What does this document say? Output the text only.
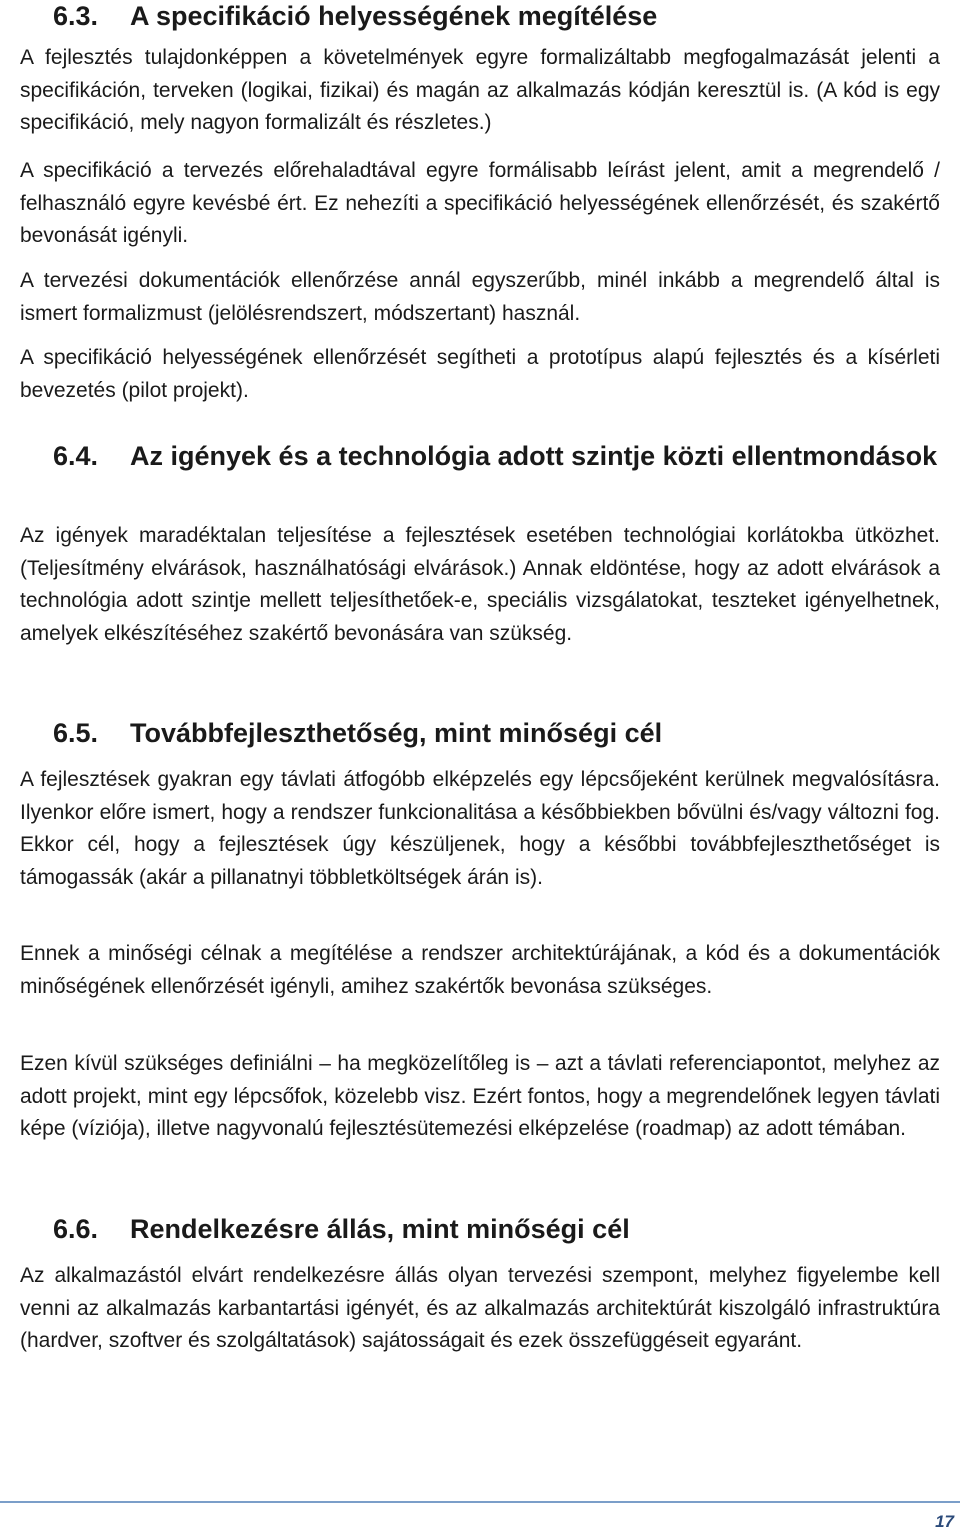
6.3.	A specifikáció helyességének megítélése

A fejlesztés tulajdonképpen a követelmények egyre formalizáltabb megfogalmazását jelenti a specifikáción, terveken (logikai, fizikai) és magán az alkalmazás kódján keresztül is. (A kód is egy specifikáció, mely nagyon formalizált és részletes.)

A specifikáció a tervezés előrehaladtával egyre formálisabb leírást jelent, amit a megrendelő / felhasználó egyre kevésbé ért. Ez nehezíti a specifikáció helyességének ellenőrzését, és szakértő bevonását igényli.

A tervezési dokumentációk ellenőrzése annál egyszerűbb, minél inkább a megrendelő által is ismert formalizmust (jelölésrendszert, módszertant) használ.

A specifikáció helyességének ellenőrzését segítheti a prototípus alapú fejlesztés és a kísérleti bevezetés (pilot projekt).

6.4.	Az igények és a technológia adott szintje közti ellentmondások

Az igények maradéktalan teljesítése a fejlesztések esetében technológiai korlátokba ütközhet. (Teljesítmény elvárások, használhatósági elvárások.) Annak eldöntése, hogy az adott elvárások a technológia adott szintje mellett teljesíthetőek-e, speciális vizsgálatokat, teszteket igényelhetnek, amelyek elkészítéséhez szakértő bevonására van szükség.

6.5.	Továbbfejleszthetőség, mint minőségi cél

A fejlesztések gyakran egy távlati átfogóbb elképzelés egy lépcsőjeként kerülnek megvalósításra. Ilyenkor előre ismert, hogy a rendszer funkcionalitása a későbbiekben bővülni és/vagy változni fog. Ekkor cél, hogy a fejlesztések úgy készüljenek, hogy a későbbi továbbfejleszthetőséget is támogassák (akár a pillanatnyi többletköltségek árán is).

Ennek a minőségi célnak a megítélése a rendszer architektúrájának, a kód és a dokumentációk minőségének ellenőrzését igényli, amihez szakértők bevonása szükséges.

Ezen kívül szükséges definiálni – ha megközelítőleg is – azt a távlati referenciapontot, melyhez az adott projekt, mint egy lépcsőfok, közelebb visz. Ezért fontos, hogy a megrendelőnek legyen távlati képe (víziója), illetve nagyvonalú fejlesztésütemezési elképzelése (roadmap) az adott témában.

6.6.	Rendelkezésre állás, mint minőségi cél

Az alkalmazástól elvárt rendelkezésre állás olyan tervezési szempont, melyhez figyelembe kell venni az alkalmazás karbantartási igényét, és az alkalmazás architektúrát kiszolgáló infrastruktúra (hardver, szoftver és szolgáltatások) sajátosságait és ezek összefüggéseit egyaránt.

17
